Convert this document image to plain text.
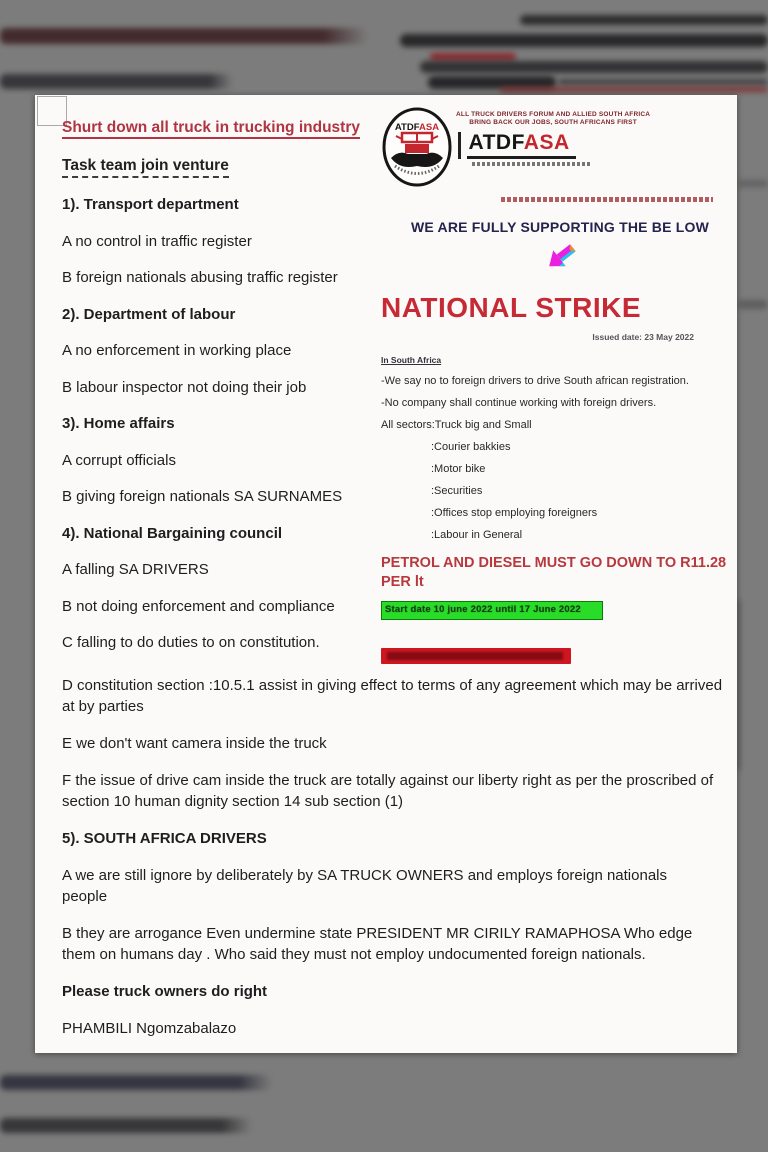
Shurt down all truck in trucking industry
Task team join venture
1). Transport department
A no control in traffic register
B foreign nationals abusing traffic register
2). Department of labour
A no enforcement in working place
B labour inspector not doing their job
3). Home affairs
A corrupt officials
B giving foreign nationals SA SURNAMES
4). National Bargaining council
A falling SA DRIVERS
B not doing enforcement and compliance
C falling to do duties to on constitution.
ATDFASA
ALL TRUCK DRIVERS FORUM AND ALLIED SOUTH AFRICA
BRING BACK OUR JOBS, SOUTH AFRICANS FIRST
ATDFASA
WE ARE FULLY SUPPORTING THE BE LOW
NATIONAL STRIKE
Issued date: 23 May 2022
In South Africa
-We say no to foreign drivers to drive South african registration.
-No company shall continue working with foreign drivers.
All sectors:Truck big and Small
:Courier bakkies
:Motor bike
:Securities
:Offices stop employing foreigners
:Labour in General
PETROL AND DIESEL MUST GO DOWN TO R11.28 PER lt
Start date 10 june 2022 until 17 June 2022
D constitution section :10.5.1 assist in giving effect to terms of any agreement which may be arrived at by parties
E we don't want camera inside the truck
F the issue of drive cam inside the truck are totally against our liberty right as per the proscribed of section 10 human dignity section 14 sub section (1)
5). SOUTH AFRICA DRIVERS
A we are still ignore by deliberately by SA TRUCK OWNERS and employs foreign nationals people
B they are arrogance Even undermine state PRESIDENT MR CIRILY RAMAPHOSA Who edge them on humans day . Who said they must not employ undocumented foreign nationals.
Please truck owners do right
PHAMBILI Ngomzabalazo
